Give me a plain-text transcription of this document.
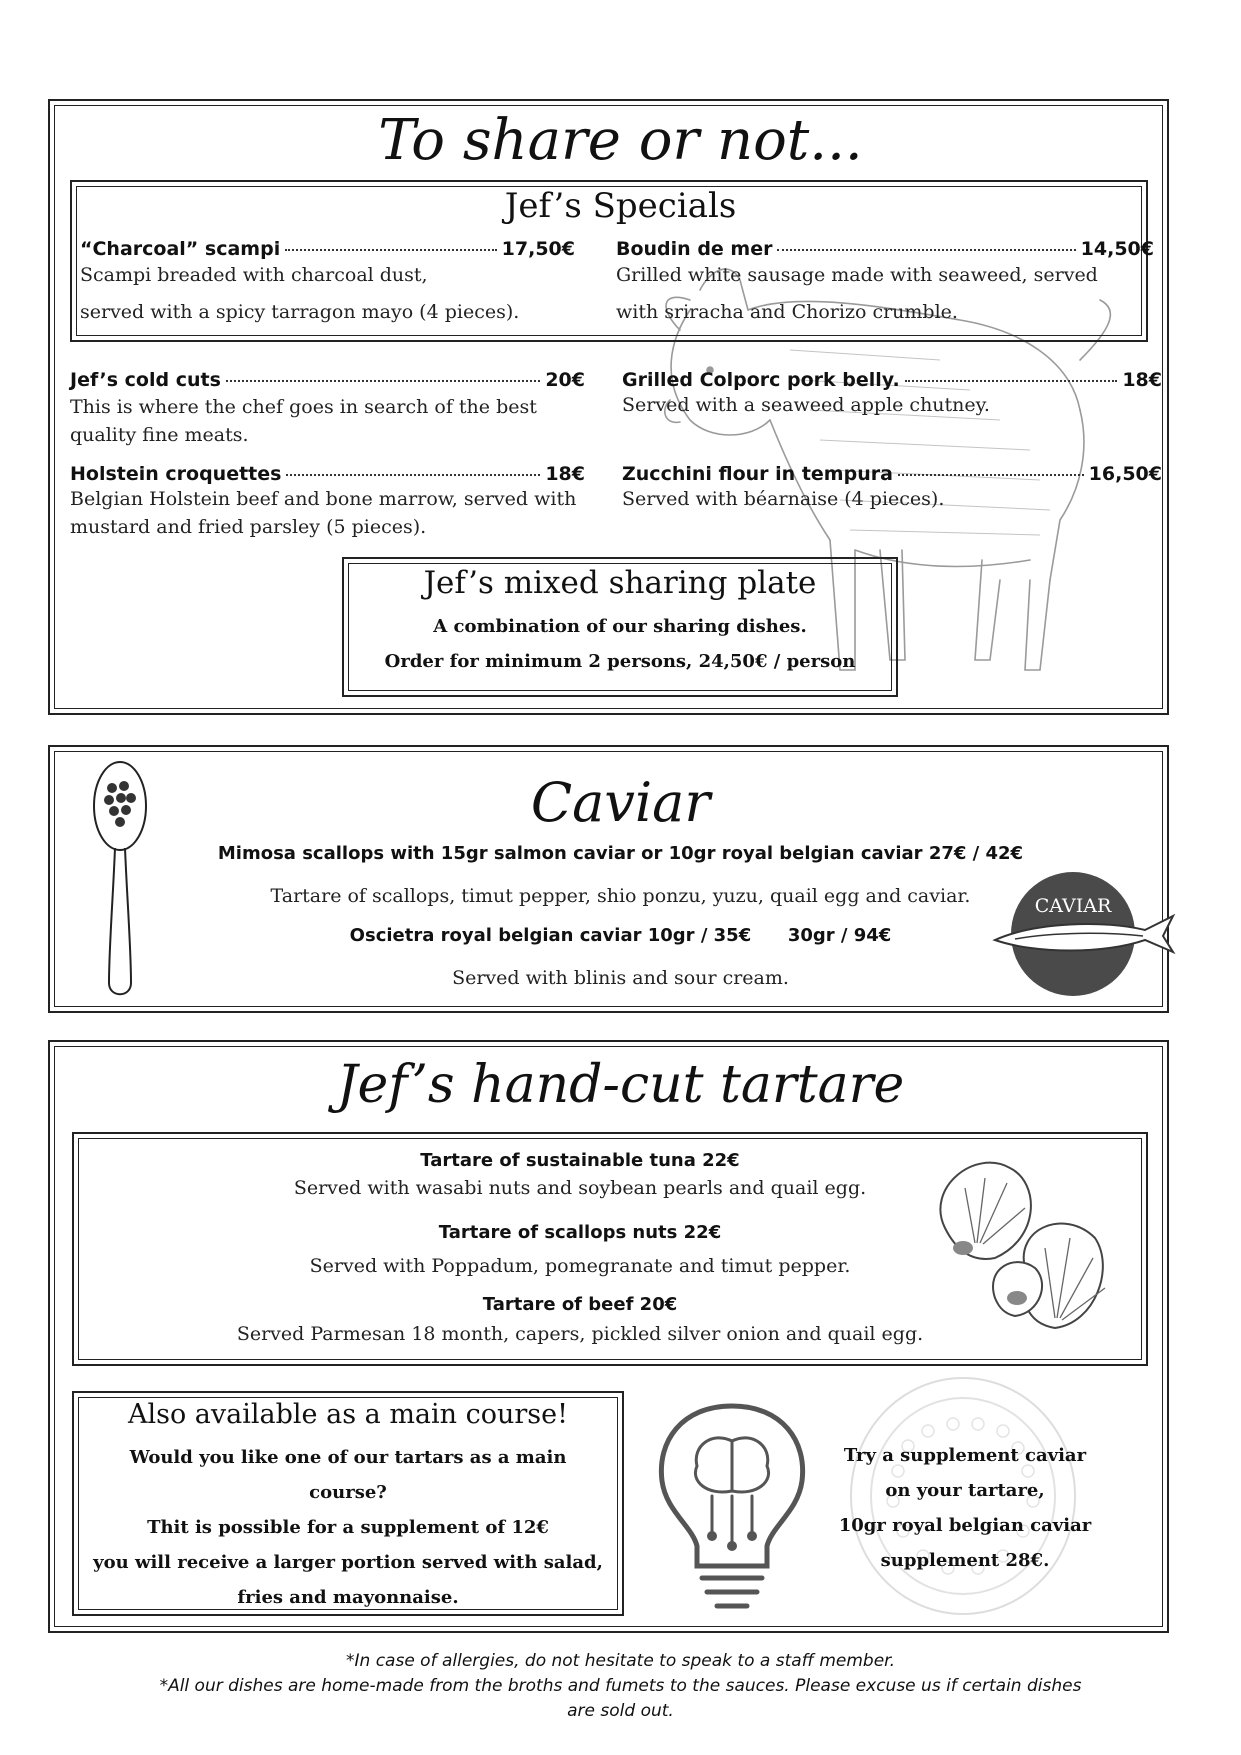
To share or not...
Jef’s Specials
“Charcoal” scampi	17,50€
Scampi breaded with charcoal dust,
served with a spicy tarragon mayo (4 pieces).
Boudin de mer	14,50€
Grilled white sausage made with seaweed, served
with sriracha and Chorizo crumble.
Jef’s cold cuts	20€
This is where the chef goes in search of the best quality fine meats.
Grilled Colporc pork belly.	18€
Served with a seaweed apple chutney.
Holstein croquettes	18€
Belgian Holstein beef and bone marrow, served with mustard and fried parsley (5 pieces).
Zucchini flour in tempura	16,50€
Served with béarnaise (4 pieces).
Jef’s mixed sharing plate
A combination of our sharing dishes.
Order for minimum 2 persons, 24,50€ / person
Caviar
Mimosa scallops with 15gr salmon caviar or 10gr royal belgian caviar 27€ / 42€
Tartare of scallops, timut pepper, shio ponzu, yuzu, quail egg and caviar.
Oscietra royal belgian caviar 10gr / 35€ 30gr / 94€
Served with blinis and sour cream.
CAVIAR
Jef’s hand-cut tartare
Tartare of sustainable tuna 22€
Served with wasabi nuts and soybean pearls and quail egg.
Tartare of scallops nuts 22€
Served with Poppadum, pomegranate and timut pepper.
Tartare of beef 20€
Served Parmesan 18 month, capers, pickled silver onion and quail egg.
Also available as a main course!
Would you like one of our tartars as a main
course?
Thit is possible for a supplement of 12€
you will receive a larger portion served with salad,
fries and mayonnaise.
Try a supplement caviar
on your tartare,
10gr royal belgian caviar
supplement 28€.
*In case of allergies, do not hesitate to speak to a staff member.
*All our dishes are home-made from the broths and fumets to the sauces. Please excuse us if certain dishes
are sold out.
